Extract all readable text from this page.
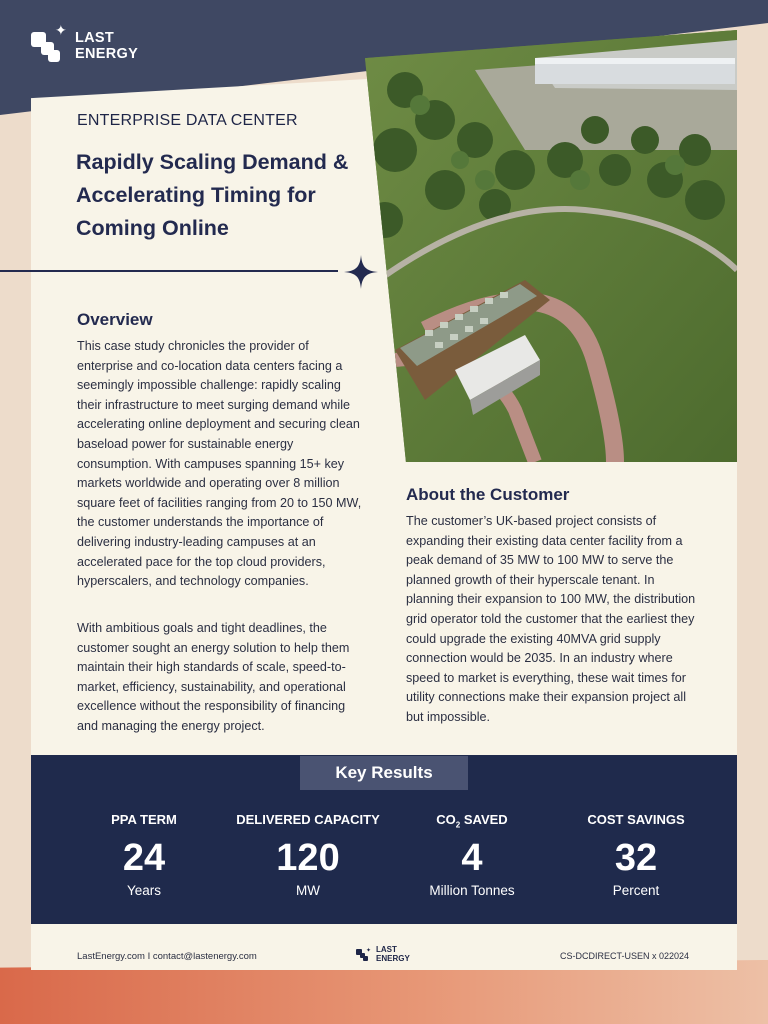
✦ LAST
ENERGY
ENTERPRISE DATA CENTER
Rapidly Scaling Demand & Accelerating Timing for Coming Online
Overview

This case study chronicles the provider of enterprise and co-location data centers facing a seemingly impossible challenge: rapidly scaling their infrastructure to meet surging demand while accelerating online deployment and securing clean baseload power for sustainable energy consumption. With campuses spanning 15+ key markets worldwide and operating over 8 million square feet of facilities ranging from 20 to 150 MW, the customer understands the importance of delivering industry-leading campuses at an accelerated pace for the top cloud providers, hyperscalers, and technology companies.

With ambitious goals and tight deadlines, the customer sought an energy solution to help them maintain their high standards of scale, speed-to-market, efficiency, sustainability, and operational excellence without the responsibility of financing and managing the energy project.

About the Customer

The customer’s UK-based project consists of expanding their existing data center facility from a peak demand of 35 MW to 100 MW to serve the planned growth of their hyperscale tenant. In planning their expansion to 100 MW, the distribution grid operator told the customer that the earliest they could upgrade the existing 40MVA grid supply connection would be 2035. In an industry where speed to market is everything, these wait times for utility connections make their expansion project all but impossible.

Key Results
PPA TERM
24
Years
DELIVERED CAPACITY
120
MW
$CO_2$ SAVED
4
Million Tonnes
COST SAVINGS
32
Percent
LastEnergy.com I contact@lastenergy.com	✦ LAST
ENERGY	CS-DCDIRECT-USEN x 022024
